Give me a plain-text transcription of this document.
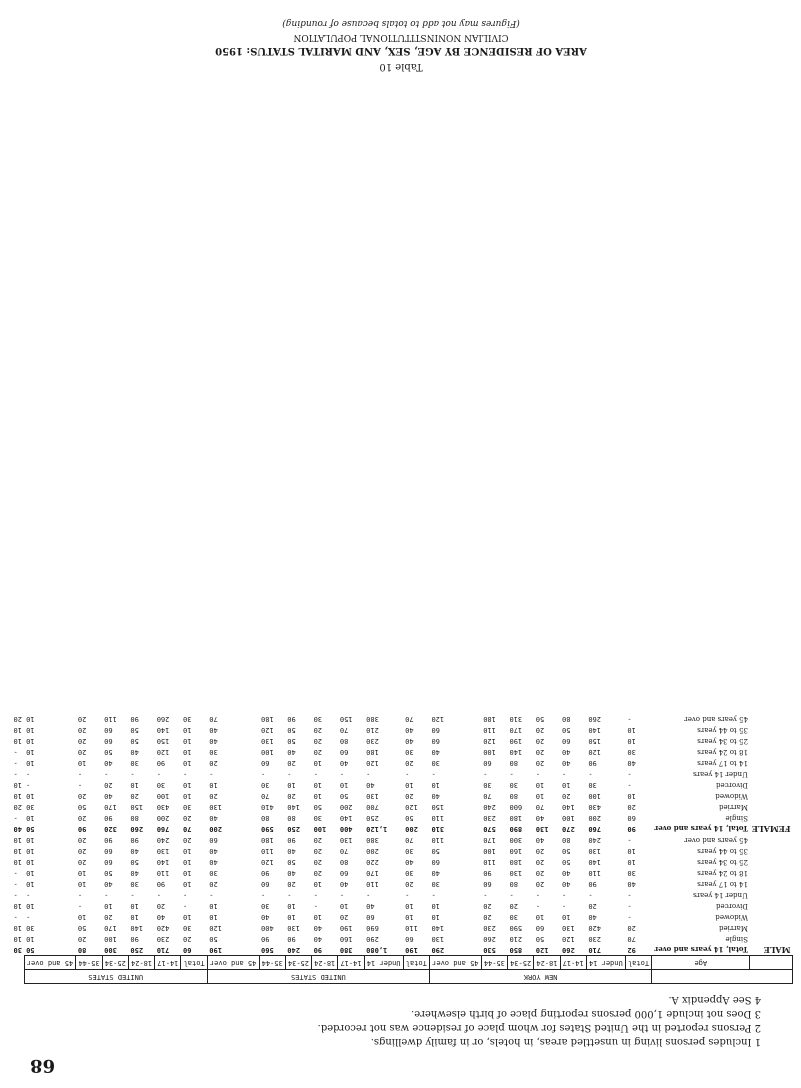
68
1 Includes persons living in unsettled areas, in hotels, or in family dwellings.
2 Persons reported in the United States for whom place of residence was not recorded.
3 Does not include 1,000 persons reporting place of birth elsewhere.
4 See Appendix A.
		NEW YORK							UNITED STATES							UNITED STATES						
	Age	Total	Under 14	14-17	18-24	25-34	35-44	45 and over	Total	Under 14	14-17	18-24	25-34	35-44	45 and over	Total	14-17	18-24	25-34	35-44	45 and over	
MALE	Total, 14 years and over	92	710	260	120	850	530	290	190	1,080	380	90	240	560	190	60	710	250	300	80	50	30
	Single	70	230	120	50	210	260	130	60	290	160	40	90	90	50	20	230	90	100	20	10	10
	Married	20	420	130	60	590	230	140	110	690	190	40	130	400	120	30	420	140	170	50	30	10
	Widowed	-	40	10	10	30	20	10	10	60	20	10	10	40	10	10	40	10	20	10	-	-
	Divorced	-	20	-	-	20	20	10	10	40	10	-	10	30	10	-	20	10	10	-	10	10
	Under 14 years	-	-	-	-	-	-	-	-	-	-	-	-	-	-	-	-	-	-	-	-	-
	14 to 17 years	40	90	40	20	80	60	30	20	110	40	10	20	60	20	10	90	30	40	10	10	-
	18 to 24 years	30	110	40	20	130	90	40	30	170	60	20	40	90	30	10	110	40	50	10	10	-
	25 to 34 years	10	140	50	20	180	110	60	40	220	80	20	50	120	40	10	140	50	60	20	10	10
	35 to 44 years	10	130	50	20	160	100	50	30	200	70	20	40	110	40	10	130	40	60	20	10	10
	45 years and over	-	240	80	40	300	170	110	70	380	130	20	90	180	60	20	240	90	90	20	10	10
FEMALE	Total, 14 years and over	90	760	270	130	890	570	310	200	1,120	400	100	250	590	200	70	760	260	320	90	50	40
	Single	60	200	100	40	180	230	110	50	250	140	30	80	80	40	20	200	80	90	20	10	-
	Married	20	430	140	70	600	240	150	120	700	200	50	140	410	130	30	430	150	170	50	30	20
	Widowed	10	100	20	10	80	70	40	20	130	50	10	20	70	20	10	100	20	40	20	10	10
	Divorced	-	30	10	10	30	30	10	10	40	10	10	10	30	10	10	30	10	20	-	-	10
	Under 14 years	-	-	-	-	-	-	-	-	-	-	-	-	-	-	-	-	-	-	-	-	-
	14 to 17 years	40	90	40	20	80	60	30	20	120	40	10	20	60	20	10	90	30	40	10	10	-
	18 to 24 years	30	120	40	20	140	100	40	30	180	60	20	40	100	30	10	120	40	50	20	10	-
	25 to 34 years	10	150	60	20	190	120	60	40	230	80	20	50	130	40	10	150	50	60	20	10	10
	35 to 44 years	10	140	50	20	170	110	60	40	210	70	20	50	120	40	10	140	50	60	20	10	10
	45 years and over	-	260	80	50	310	180	120	70	380	150	30	90	180	70	30	260	90	110	20	10	20
Table 10
AREA OF RESIDENCE BY AGE, SEX, AND MARITAL STATUS: 1950
CIVILIAN NONINSTITUTIONAL POPULATION
(Figures may not add to totals because of rounding)
